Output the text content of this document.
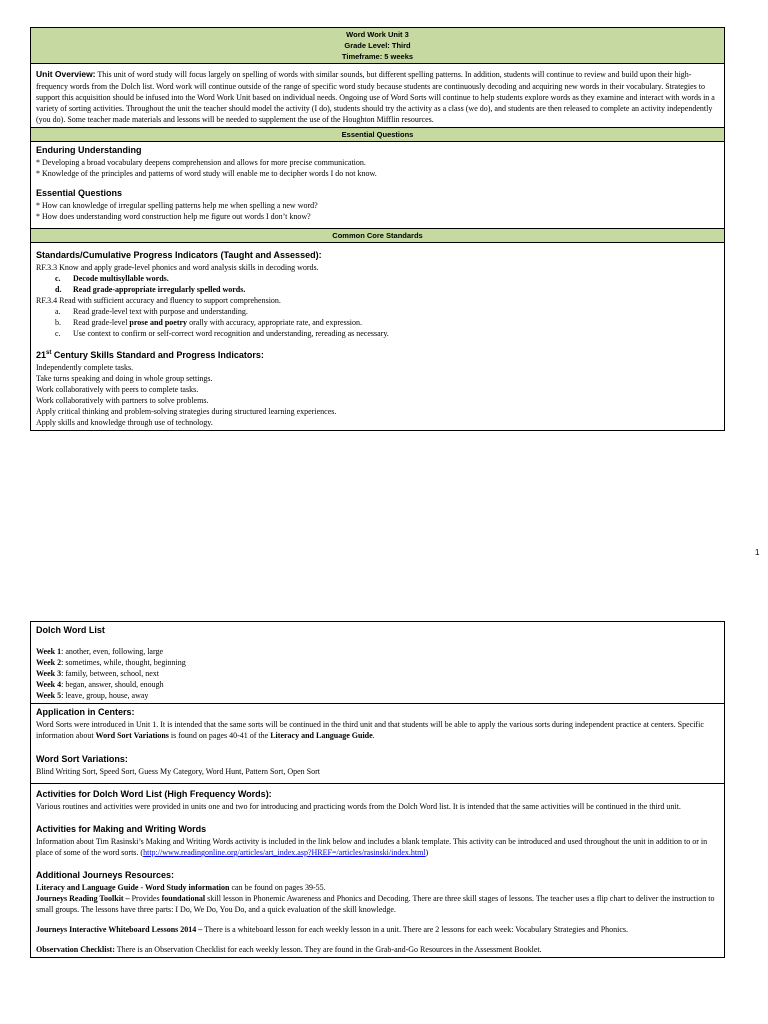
Word Work Unit 3
Grade Level: Third
Timeframe: 5 weeks

Unit Overview: This unit of word study will focus largely on spelling of words with similar sounds, but different spelling patterns. In addition, students will continue to review and build upon their high-frequency words from the Dolch list. Word work will continue outside of the range of specific word study because students are continuously decoding and acquiring new words in their vocabulary. Strategies to support this acquisition should be infused into the Word Work Unit based on individual needs. Ongoing use of Word Sorts will continue to help students explore words as they examine and interact with words in a variety of sorting activities. Throughout the unit the teacher should model the activity (I do), students should try the activity as a class (we do), and students are then released to complete an activity independently (you do). Some teacher made materials and lessons will be needed to supplement the use of the Houghton Mifflin resources.

Essential Questions

Enduring Understanding

* Developing a broad vocabulary deepens comprehension and allows for more precise communication.

* Knowledge of the principles and patterns of word study will enable me to decipher words I do not know.

Essential Questions

* How can knowledge of irregular spelling patterns help me when spelling a new word?

* How does understanding word construction help me figure out words I don’t know?

Common Core Standards

Standards/Cumulative Progress Indicators (Taught and Assessed):

RF.3.3 Know and apply grade-level phonics and word analysis skills in decoding words.

c. Decode multisyllable words.

d. Read grade-appropriate irregularly spelled words.

RF.3.4 Read with sufficient accuracy and fluency to support comprehension.

a. Read grade-level text with purpose and understanding.

b. Read grade-level prose and poetry orally with accuracy, appropriate rate, and expression.

c. Use context to confirm or self-correct word recognition and understanding, rereading as necessary.

21st Century Skills Standard and Progress Indicators:

Independently complete tasks.

Take turns speaking and doing in whole group settings.

Work collaboratively with peers to complete tasks.

Work collaboratively with partners to solve problems.

Apply critical thinking and problem-solving strategies during structured learning experiences.

Apply skills and knowledge through use of technology.

1

Dolch Word List

Week 1: another, even, following, large

Week 2: sometimes, while, thought, beginning

Week 3: family, between, school, next

Week 4: began, answer, should, enough

Week 5: leave, group, house, away

Application in Centers:

Word Sorts were introduced in Unit 1. It is intended that the same sorts will be continued in the third unit and that students will be able to apply the various sorts during independent practice at centers. Specific information about Word Sort Variations is found on pages 40-41 of the Literacy and Language Guide.

Word Sort Variations:

Blind Writing Sort, Speed Sort, Guess My Category, Word Hunt, Pattern Sort, Open Sort

Activities for Dolch Word List (High Frequency Words):

Various routines and activities were provided in units one and two for introducing and practicing words from the Dolch Word list. It is intended that the same activities will be continued in the third unit.

Activities for Making and Writing Words

Information about Tim Rasinski’s Making and Writing Words activity is included in the link below and includes a blank template. This activity can be introduced and used throughout the unit in addition to or in place of some of the word sorts. (http://www.readingonline.org/articles/art_index.asp?HREF=/articles/rasinski/index.html)

Additional Journeys Resources:

Literacy and Language Guide - Word Study information can be found on pages 39-55.

Journeys Reading Toolkit – Provides foundational skill lesson in Phonemic Awareness and Phonics and Decoding. There are three skill stages of lessons. The teacher uses a flip chart to deliver the instruction to small groups. The lessons have three parts: I Do, We Do, You Do, and a quick evaluation of the skill knowledge.

Journeys Interactive Whiteboard Lessons 2014 – There is a whiteboard lesson for each weekly lesson in a unit. There are 2 lessons for each week: Vocabulary Strategies and Phonics.

Observation Checklist: There is an Observation Checklist for each weekly lesson. They are found in the Grab-and-Go Resources in the Assessment Booklet.
